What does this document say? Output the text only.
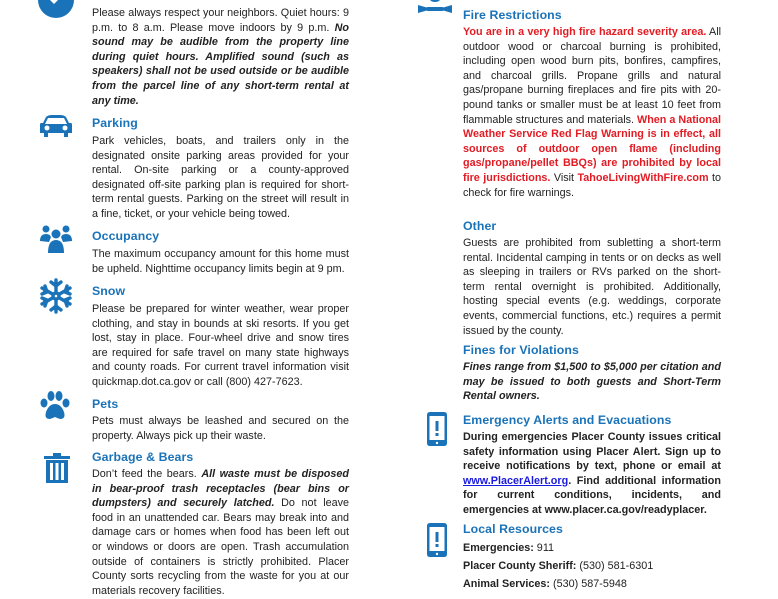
Please always respect your neighbors. Quiet hours: 9 p.m. to 8 a.m. Please move indoors by 9 p.m. No sound may be audible from the property line during quiet hours. Amplified sound (such as speakers) shall not be used outside or be audible from the parcel line of any short-term rental at any time.
Parking
Park vehicles, boats, and trailers only in the designated onsite parking areas provided for your rental. On-site parking or a county-approved designated off-site parking plan is required for short-term rental guests. Parking on the street will result in a fine, ticket, or your vehicle being towed.
Occupancy
The maximum occupancy amount for this home must be upheld. Nighttime occupancy limits begin at 9 pm.
Snow
Please be prepared for winter weather, wear proper clothing, and stay in bounds at ski resorts. If you get lost, stay in place. Four-wheel drive and snow tires are required for safe travel on many state highways and county roads. For current travel information visit quickmap.dot.ca.gov or call (800) 427-7623.
Pets
Pets must always be leashed and secured on the property. Always pick up their waste.
Garbage & Bears
Don’t feed the bears. All waste must be disposed in bear-proof trash receptacles (bear bins or dumpsters) and securely latched. Do not leave food in an unattended car. Bears may break into and damage cars or homes when food has been left out or windows or doors are open. Trash accumulation outside of containers is strictly prohibited. Placer County sorts recycling from the waste for you at our materials recovery facilities.
Fire Restrictions
You are in a very high fire hazard severity area. All outdoor wood or charcoal burning is prohibited, including open wood burn pits, bonfires, campfires, and charcoal grills. Propane grills and natural gas/propane burning fireplaces and fire pits with 20-pound tanks or smaller must be at least 10 feet from flammable structures and materials. When a National Weather Service Red Flag Warning is in effect, all sources of outdoor open flame (including gas/propane/pellet BBQs) are prohibited by local fire jurisdictions. Visit TahoeLivingWithFire.com to check for fire warnings.
Other
Guests are prohibited from subletting a short-term rental. Incidental camping in tents or on decks as well as sleeping in trailers or RVs parked on the short-term rental overnight is prohibited. Additionally, hosting special events (e.g. weddings, corporate events, commercial functions, etc.) requires a permit issued by the county.
Fines for Violations
Fines range from $1,500 to $5,000 per citation and may be issued to both guests and Short-Term Rental owners.
Emergency Alerts and Evacuations
During emergencies Placer County issues critical safety information using Placer Alert. Sign up to receive notifications by text, phone or email at www.PlacerAlert.org. Find additional information for current conditions, incidents, and emergencies at www.placer.ca.gov/readyplacer.
Local Resources
Emergencies: 911
Placer County Sheriff: (530) 581-6301
Animal Services: (530) 587-5948
